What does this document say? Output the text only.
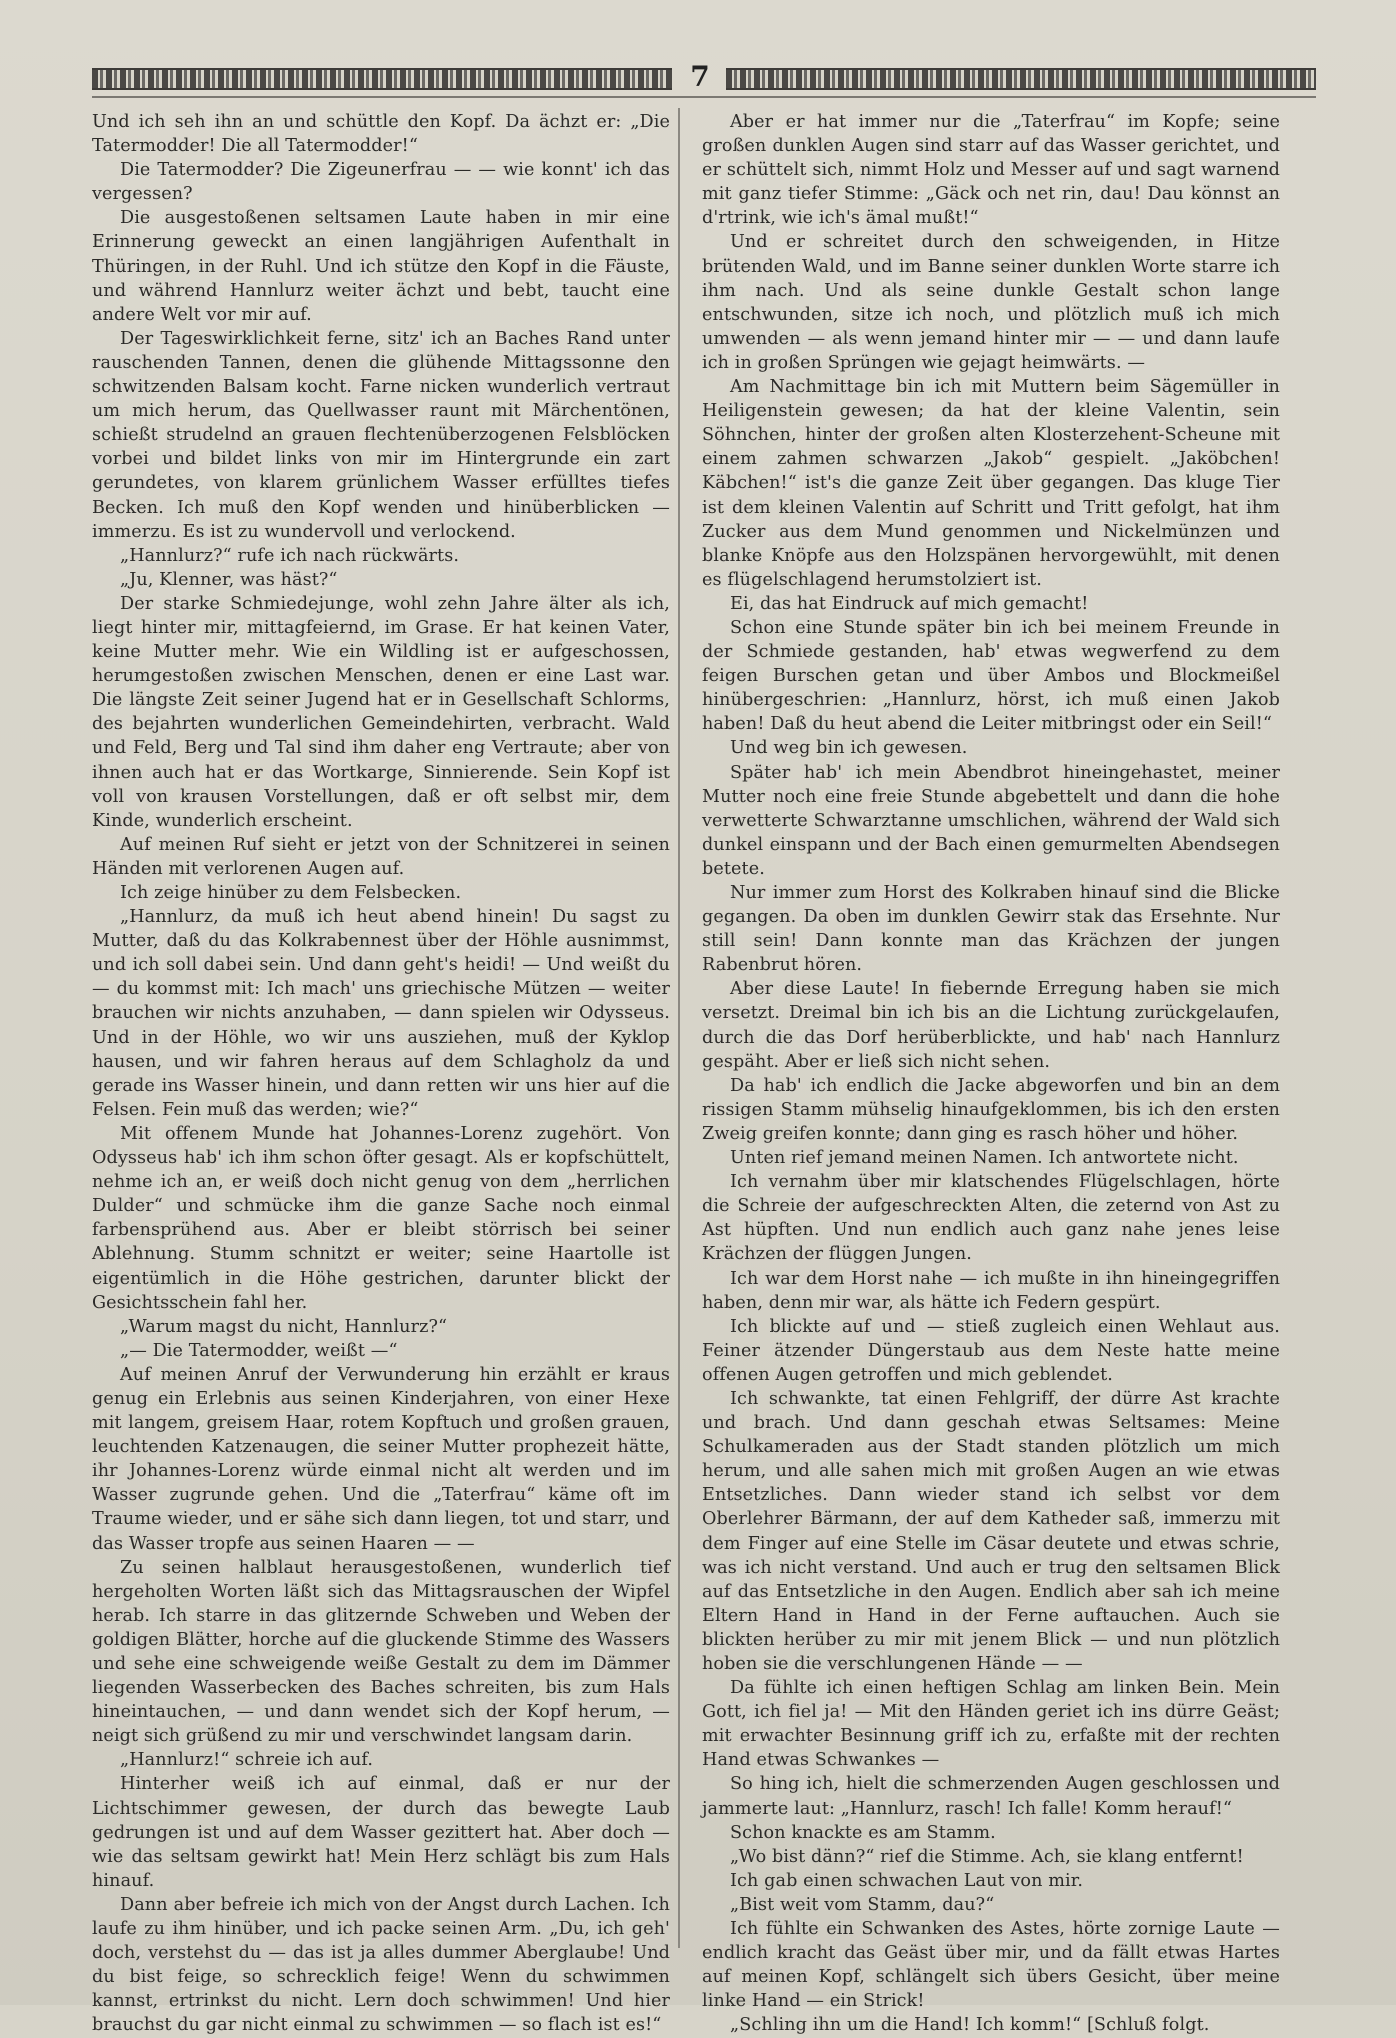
7

Und ich seh ihn an und schüttle den Kopf. Da ächzt er: „Die Tatermodder! Die all Tatermodder!“

Die Tatermodder? Die Zigeunerfrau — — wie konnt' ich das vergessen?

Die ausgestoßenen seltsamen Laute haben in mir eine Erinnerung geweckt an einen langjährigen Aufenthalt in Thüringen, in der Ruhl. Und ich stütze den Kopf in die Fäuste, und während Hannlurz weiter ächzt und bebt, taucht eine andere Welt vor mir auf.

Der Tageswirklichkeit ferne, sitz' ich an Baches Rand unter rauschenden Tannen, denen die glühende Mittagssonne den schwitzenden Balsam kocht. Farne nicken wunderlich vertraut um mich herum, das Quellwasser raunt mit Märchentönen, schießt strudelnd an grauen flechtenüberzogenen Felsblöcken vorbei und bildet links von mir im Hintergrunde ein zart gerundetes, von klarem grünlichem Wasser erfülltes tiefes Becken. Ich muß den Kopf wenden und hinüberblicken — immerzu. Es ist zu wundervoll und verlockend.

„Hannlurz?“ rufe ich nach rückwärts.

„Ju, Klenner, was häst?“

Der starke Schmiedejunge, wohl zehn Jahre älter als ich, liegt hinter mir, mittagfeiernd, im Grase. Er hat keinen Vater, keine Mutter mehr. Wie ein Wildling ist er aufgeschossen, herumgestoßen zwischen Menschen, denen er eine Last war. Die längste Zeit seiner Jugend hat er in Gesellschaft Schlorms, des bejahrten wunderlichen Gemeindehirten, verbracht. Wald und Feld, Berg und Tal sind ihm daher eng Vertraute; aber von ihnen auch hat er das Wortkarge, Sinnierende. Sein Kopf ist voll von krausen Vorstellungen, daß er oft selbst mir, dem Kinde, wunderlich erscheint.

Auf meinen Ruf sieht er jetzt von der Schnitzerei in seinen Händen mit verlorenen Augen auf.

Ich zeige hinüber zu dem Felsbecken.

„Hannlurz, da muß ich heut abend hinein! Du sagst zu Mutter, daß du das Kolkrabennest über der Höhle ausnimmst, und ich soll dabei sein. Und dann geht's heidi! — Und weißt du — du kommst mit: Ich mach' uns griechische Mützen — weiter brauchen wir nichts anzuhaben, — dann spielen wir Odysseus. Und in der Höhle, wo wir uns ausziehen, muß der Kyklop hausen, und wir fahren heraus auf dem Schlagholz da und gerade ins Wasser hinein, und dann retten wir uns hier auf die Felsen. Fein muß das werden; wie?“

Mit offenem Munde hat Johannes-Lorenz zugehört. Von Odysseus hab' ich ihm schon öfter gesagt. Als er kopfschüttelt, nehme ich an, er weiß doch nicht genug von dem „herrlichen Dulder“ und schmücke ihm die ganze Sache noch einmal farbensprühend aus. Aber er bleibt störrisch bei seiner Ablehnung. Stumm schnitzt er weiter; seine Haartolle ist eigentümlich in die Höhe gestrichen, darunter blickt der Gesichtsschein fahl her.

„Warum magst du nicht, Hannlurz?“

„— Die Tatermodder, weißt —“

Auf meinen Anruf der Verwunderung hin erzählt er kraus genug ein Erlebnis aus seinen Kinderjahren, von einer Hexe mit langem, greisem Haar, rotem Kopftuch und großen grauen, leuchtenden Katzenaugen, die seiner Mutter prophezeit hätte, ihr Johannes-Lorenz würde einmal nicht alt werden und im Wasser zugrunde gehen. Und die „Taterfrau“ käme oft im Traume wieder, und er sähe sich dann liegen, tot und starr, und das Wasser tropfe aus seinen Haaren — —

Zu seinen halblaut herausgestoßenen, wunderlich tief hergeholten Worten läßt sich das Mittagsrauschen der Wipfel herab. Ich starre in das glitzernde Schweben und Weben der goldigen Blätter, horche auf die gluckende Stimme des Wassers und sehe eine schweigende weiße Gestalt zu dem im Dämmer liegenden Wasserbecken des Baches schreiten, bis zum Hals hineintauchen, — und dann wendet sich der Kopf herum, — neigt sich grüßend zu mir und verschwindet langsam darin.

„Hannlurz!“ schreie ich auf.

Hinterher weiß ich auf einmal, daß er nur der Lichtschimmer gewesen, der durch das bewegte Laub gedrungen ist und auf dem Wasser gezittert hat. Aber doch — wie das seltsam gewirkt hat! Mein Herz schlägt bis zum Hals hinauf.

Dann aber befreie ich mich von der Angst durch Lachen. Ich laufe zu ihm hinüber, und ich packe seinen Arm. „Du, ich geh' doch, verstehst du — das ist ja alles dummer Aberglaube! Und du bist feige, so schrecklich feige! Wenn du schwimmen kannst, ertrinkst du nicht. Lern doch schwimmen! Und hier brauchst du gar nicht einmal zu schwimmen — so flach ist es!“

Aber er hat immer nur die „Taterfrau“ im Kopfe; seine großen dunklen Augen sind starr auf das Wasser gerichtet, und er schüttelt sich, nimmt Holz und Messer auf und sagt warnend mit ganz tiefer Stimme: „Gäck och net rin, dau! Dau könnst an d'rtrink, wie ich's ämal mußt!“

Und er schreitet durch den schweigenden, in Hitze brütenden Wald, und im Banne seiner dunklen Worte starre ich ihm nach. Und als seine dunkle Gestalt schon lange entschwunden, sitze ich noch, und plötzlich muß ich mich umwenden — als wenn jemand hinter mir — — und dann laufe ich in großen Sprüngen wie gejagt heimwärts. —

Am Nachmittage bin ich mit Muttern beim Sägemüller in Heiligenstein gewesen; da hat der kleine Valentin, sein Söhnchen, hinter der großen alten Klosterzehent-Scheune mit einem zahmen schwarzen „Jakob“ gespielt. „Jaköbchen! Käbchen!“ ist's die ganze Zeit über gegangen. Das kluge Tier ist dem kleinen Valentin auf Schritt und Tritt gefolgt, hat ihm Zucker aus dem Mund genommen und Nickelmünzen und blanke Knöpfe aus den Holzspänen hervorgewühlt, mit denen es flügelschlagend herumstolziert ist.

Ei, das hat Eindruck auf mich gemacht!

Schon eine Stunde später bin ich bei meinem Freunde in der Schmiede gestanden, hab' etwas wegwerfend zu dem feigen Burschen getan und über Ambos und Blockmeißel hinübergeschrien: „Hannlurz, hörst, ich muß einen Jakob haben! Daß du heut abend die Leiter mitbringst oder ein Seil!“

Und weg bin ich gewesen.

Später hab' ich mein Abendbrot hineingehastet, meiner Mutter noch eine freie Stunde abgebettelt und dann die hohe verwetterte Schwarztanne umschlichen, während der Wald sich dunkel einspann und der Bach einen gemurmelten Abendsegen betete.

Nur immer zum Horst des Kolkraben hinauf sind die Blicke gegangen. Da oben im dunklen Gewirr stak das Ersehnte. Nur still sein! Dann konnte man das Krächzen der jungen Rabenbrut hören.

Aber diese Laute! In fiebernde Erregung haben sie mich versetzt. Dreimal bin ich bis an die Lichtung zurückgelaufen, durch die das Dorf herüberblickte, und hab' nach Hannlurz gespäht. Aber er ließ sich nicht sehen.

Da hab' ich endlich die Jacke abgeworfen und bin an dem rissigen Stamm mühselig hinaufgeklommen, bis ich den ersten Zweig greifen konnte; dann ging es rasch höher und höher.

Unten rief jemand meinen Namen. Ich antwortete nicht.

Ich vernahm über mir klatschendes Flügelschlagen, hörte die Schreie der aufgeschreckten Alten, die zeternd von Ast zu Ast hüpften. Und nun endlich auch ganz nahe jenes leise Krächzen der flüggen Jungen.

Ich war dem Horst nahe — ich mußte in ihn hineingegriffen haben, denn mir war, als hätte ich Federn gespürt.

Ich blickte auf und — stieß zugleich einen Wehlaut aus. Feiner ätzender Düngerstaub aus dem Neste hatte meine offenen Augen getroffen und mich geblendet.

Ich schwankte, tat einen Fehlgriff, der dürre Ast krachte und brach. Und dann geschah etwas Seltsames: Meine Schulkameraden aus der Stadt standen plötzlich um mich herum, und alle sahen mich mit großen Augen an wie etwas Entsetzliches. Dann wieder stand ich selbst vor dem Oberlehrer Bärmann, der auf dem Katheder saß, immerzu mit dem Finger auf eine Stelle im Cäsar deutete und etwas schrie, was ich nicht verstand. Und auch er trug den seltsamen Blick auf das Entsetzliche in den Augen. Endlich aber sah ich meine Eltern Hand in Hand in der Ferne auftauchen. Auch sie blickten herüber zu mir mit jenem Blick — und nun plötzlich hoben sie die verschlungenen Hände — —

Da fühlte ich einen heftigen Schlag am linken Bein. Mein Gott, ich fiel ja! — Mit den Händen geriet ich ins dürre Geäst; mit erwachter Besinnung griff ich zu, erfaßte mit der rechten Hand etwas Schwankes —

So hing ich, hielt die schmerzenden Augen geschlossen und jammerte laut: „Hannlurz, rasch! Ich falle! Komm herauf!“

Schon knackte es am Stamm.

„Wo bist dänn?“ rief die Stimme. Ach, sie klang entfernt!

Ich gab einen schwachen Laut von mir.

„Bist weit vom Stamm, dau?“

Ich fühlte ein Schwanken des Astes, hörte zornige Laute — endlich kracht das Geäst über mir, und da fällt etwas Hartes auf meinen Kopf, schlängelt sich übers Gesicht, über meine linke Hand — ein Strick!

„Schling ihn um die Hand! Ich komm!“ [Schluß folgt.
